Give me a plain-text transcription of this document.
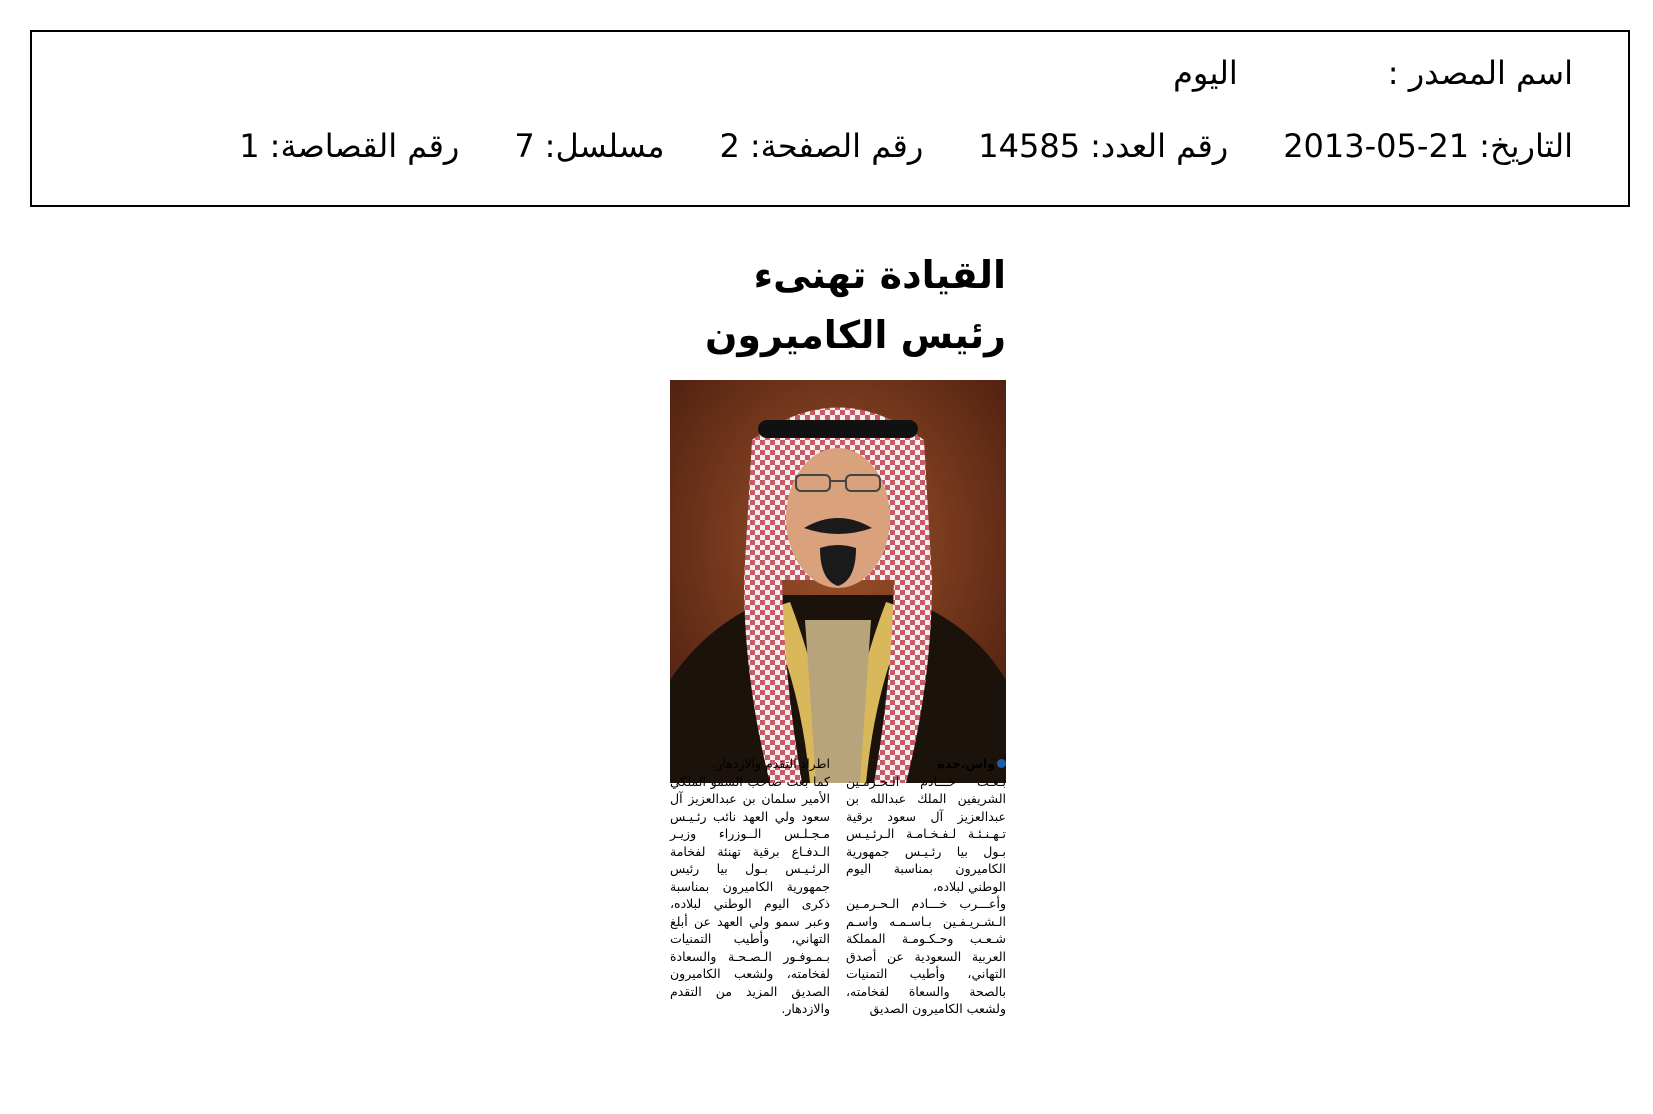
اسم المصدر :
اليوم
التاريخ:
2013-05-21
رقم العدد:
14585
رقم الصفحة:
2
مسلسل:
7
رقم القصاصة:
1
القيادة تهنىء
رئيس الكاميرون
واس.جدة

بـعـث خـــادم الـحـرمـين الشريفين الملك عبدالله بن عبدالعزيز آل سعود برقية تـهـنـئـة لـفـخـامـة الـرئـيـس بـول بيا رئـيـس جمهورية الكاميرون بمناسبة اليوم الوطني لبلاده،

وأعـــرب خـــادم الـحـرمـين الـشـريـفـين بـاسـمـه واسـم شـعـب وحـكـومـة المملكة العربية السعودية عن أصدق التهاني، وأطيب التمنيات بالصحة والسعاة لفخامته، ولشعب الكاميرون الصديق

اطراد التقدم والازدهار.

كما بعث صاحب السمو الملكي الأمير سلمان بن عبدالعزيز آل سعود ولي العهد نائب رئـيـس مـجـلـس الــوزراء وزيـر الـدفـاع برقية تهنئة لفخامة الرئـيـس بـول بيا رئيس جمهورية الكاميرون بمناسبة ذكرى اليوم الوطني لبلاده، وعبر سمو ولي العهد عن أبلغ التهاني، وأطيب التمنيات بـمـوفـور الـصـحـة والسعادة لفخامته، ولشعب الكاميرون الصديق المزيد من التقدم والازدهار.
